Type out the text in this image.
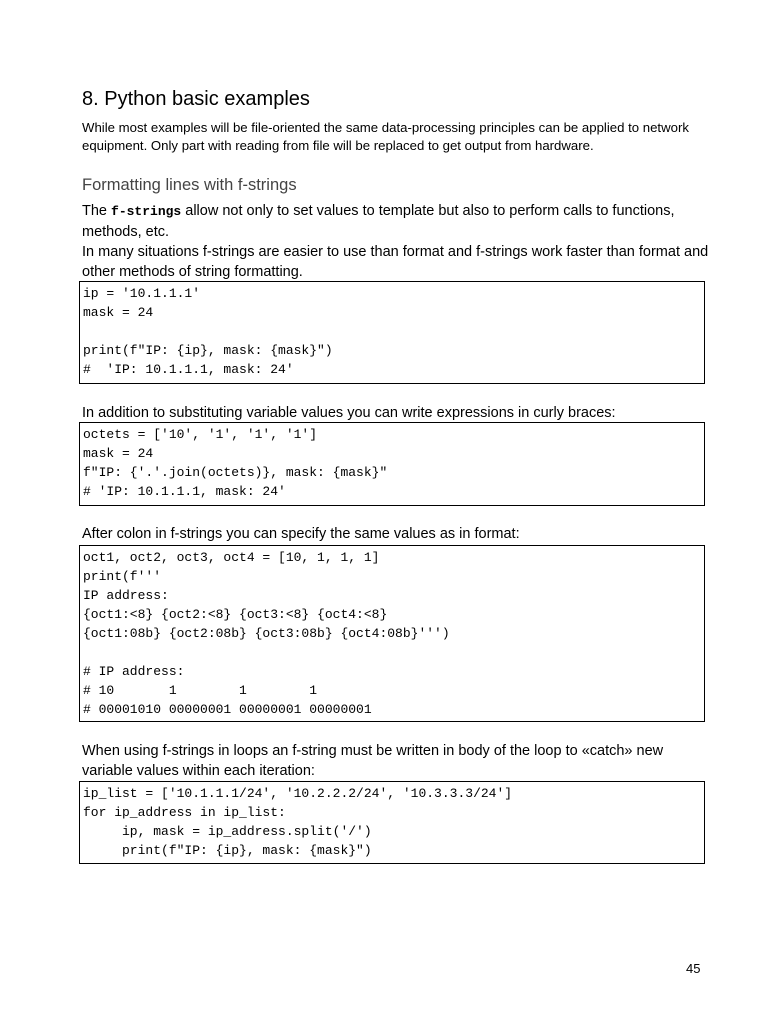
8. Python basic examples

While most examples will be file-oriented the same data-processing principles can be applied to network equipment. Only part with reading from file will be replaced to get output from hardware.

Formatting lines with f-strings

The f-strings allow not only to set values to template but also to perform calls to functions, methods, etc.
In many situations f-strings are easier to use than format and f-strings work faster than format and other methods of string formatting.

ip = '10.1.1.1'
mask = 24

print(f"IP: {ip}, mask: {mask}")
#  'IP: 10.1.1.1, mask: 24'

In addition to substituting variable values you can write expressions in curly braces:

octets = ['10', '1', '1', '1']
mask = 24
f"IP: {'.'.join(octets)}, mask: {mask}"
# 'IP: 10.1.1.1, mask: 24'

After colon in f-strings you can specify the same values as in format:

oct1, oct2, oct3, oct4 = [10, 1, 1, 1]
print(f'''
IP address:
{oct1:<8} {oct2:<8} {oct3:<8} {oct4:<8}
{oct1:08b} {oct2:08b} {oct3:08b} {oct4:08b}''')

# IP address:
# 10       1        1        1
# 00001010 00000001 00000001 00000001

When using f-strings in loops an f-string must be written in body of the loop to «catch» new variable values within each iteration:

ip_list = ['10.1.1.1/24', '10.2.2.2/24', '10.3.3.3/24']
for ip_address in ip_list:
ip, mask = ip_address.split('/')
print(f"IP: {ip}, mask: {mask}")
45
